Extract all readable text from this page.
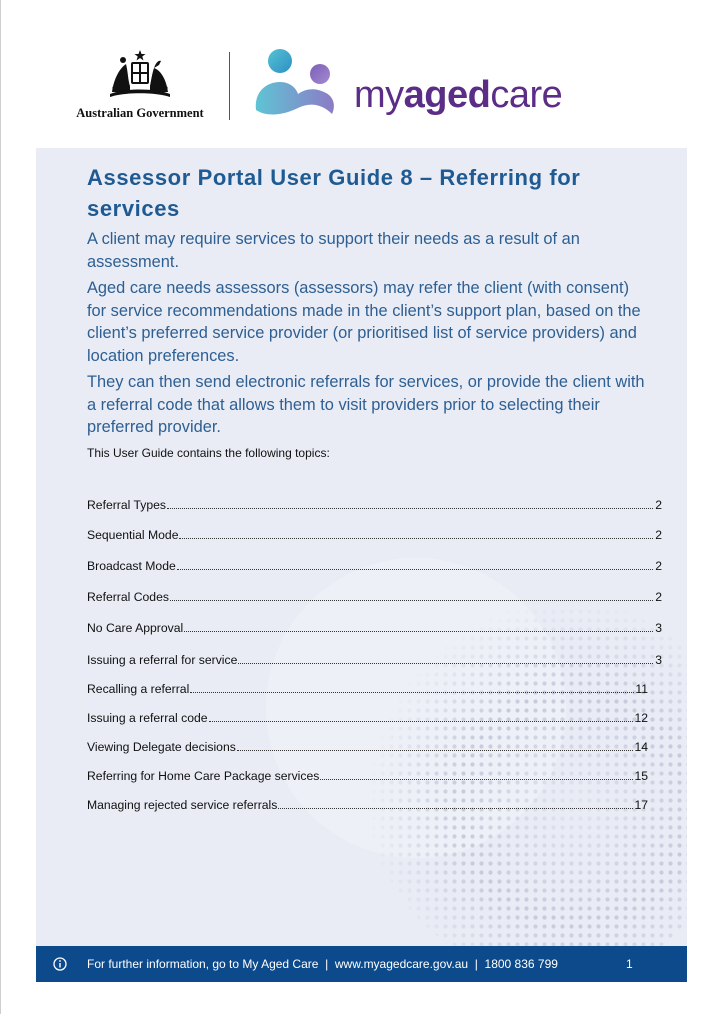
Australian Government	myagedcare
Assessor Portal User Guide 8 – Referring for services

A client may require services to support their needs as a result of an assessment.

Aged care needs assessors (assessors) may refer the client (with consent) for service recommendations made in the client’s support plan, based on the client’s preferred service provider (or prioritised list of service providers) and location preferences.

They can then send electronic referrals for services, or provide the client with a referral code that allows them to visit providers prior to selecting their preferred provider.

This User Guide contains the following topics:

Referral Types	2
Sequential Mode	2
Broadcast Mode	2
Referral Codes	2
No Care Approval	3
Issuing a referral for service	3
Recalling a referral	11
Issuing a referral code	12
Viewing Delegate decisions	14
Referring for Home Care Package services	15
Managing rejected service referrals	17
For further information, go to My Aged Care  |  www.myagedcare.gov.au  |  1800 836 799	1
